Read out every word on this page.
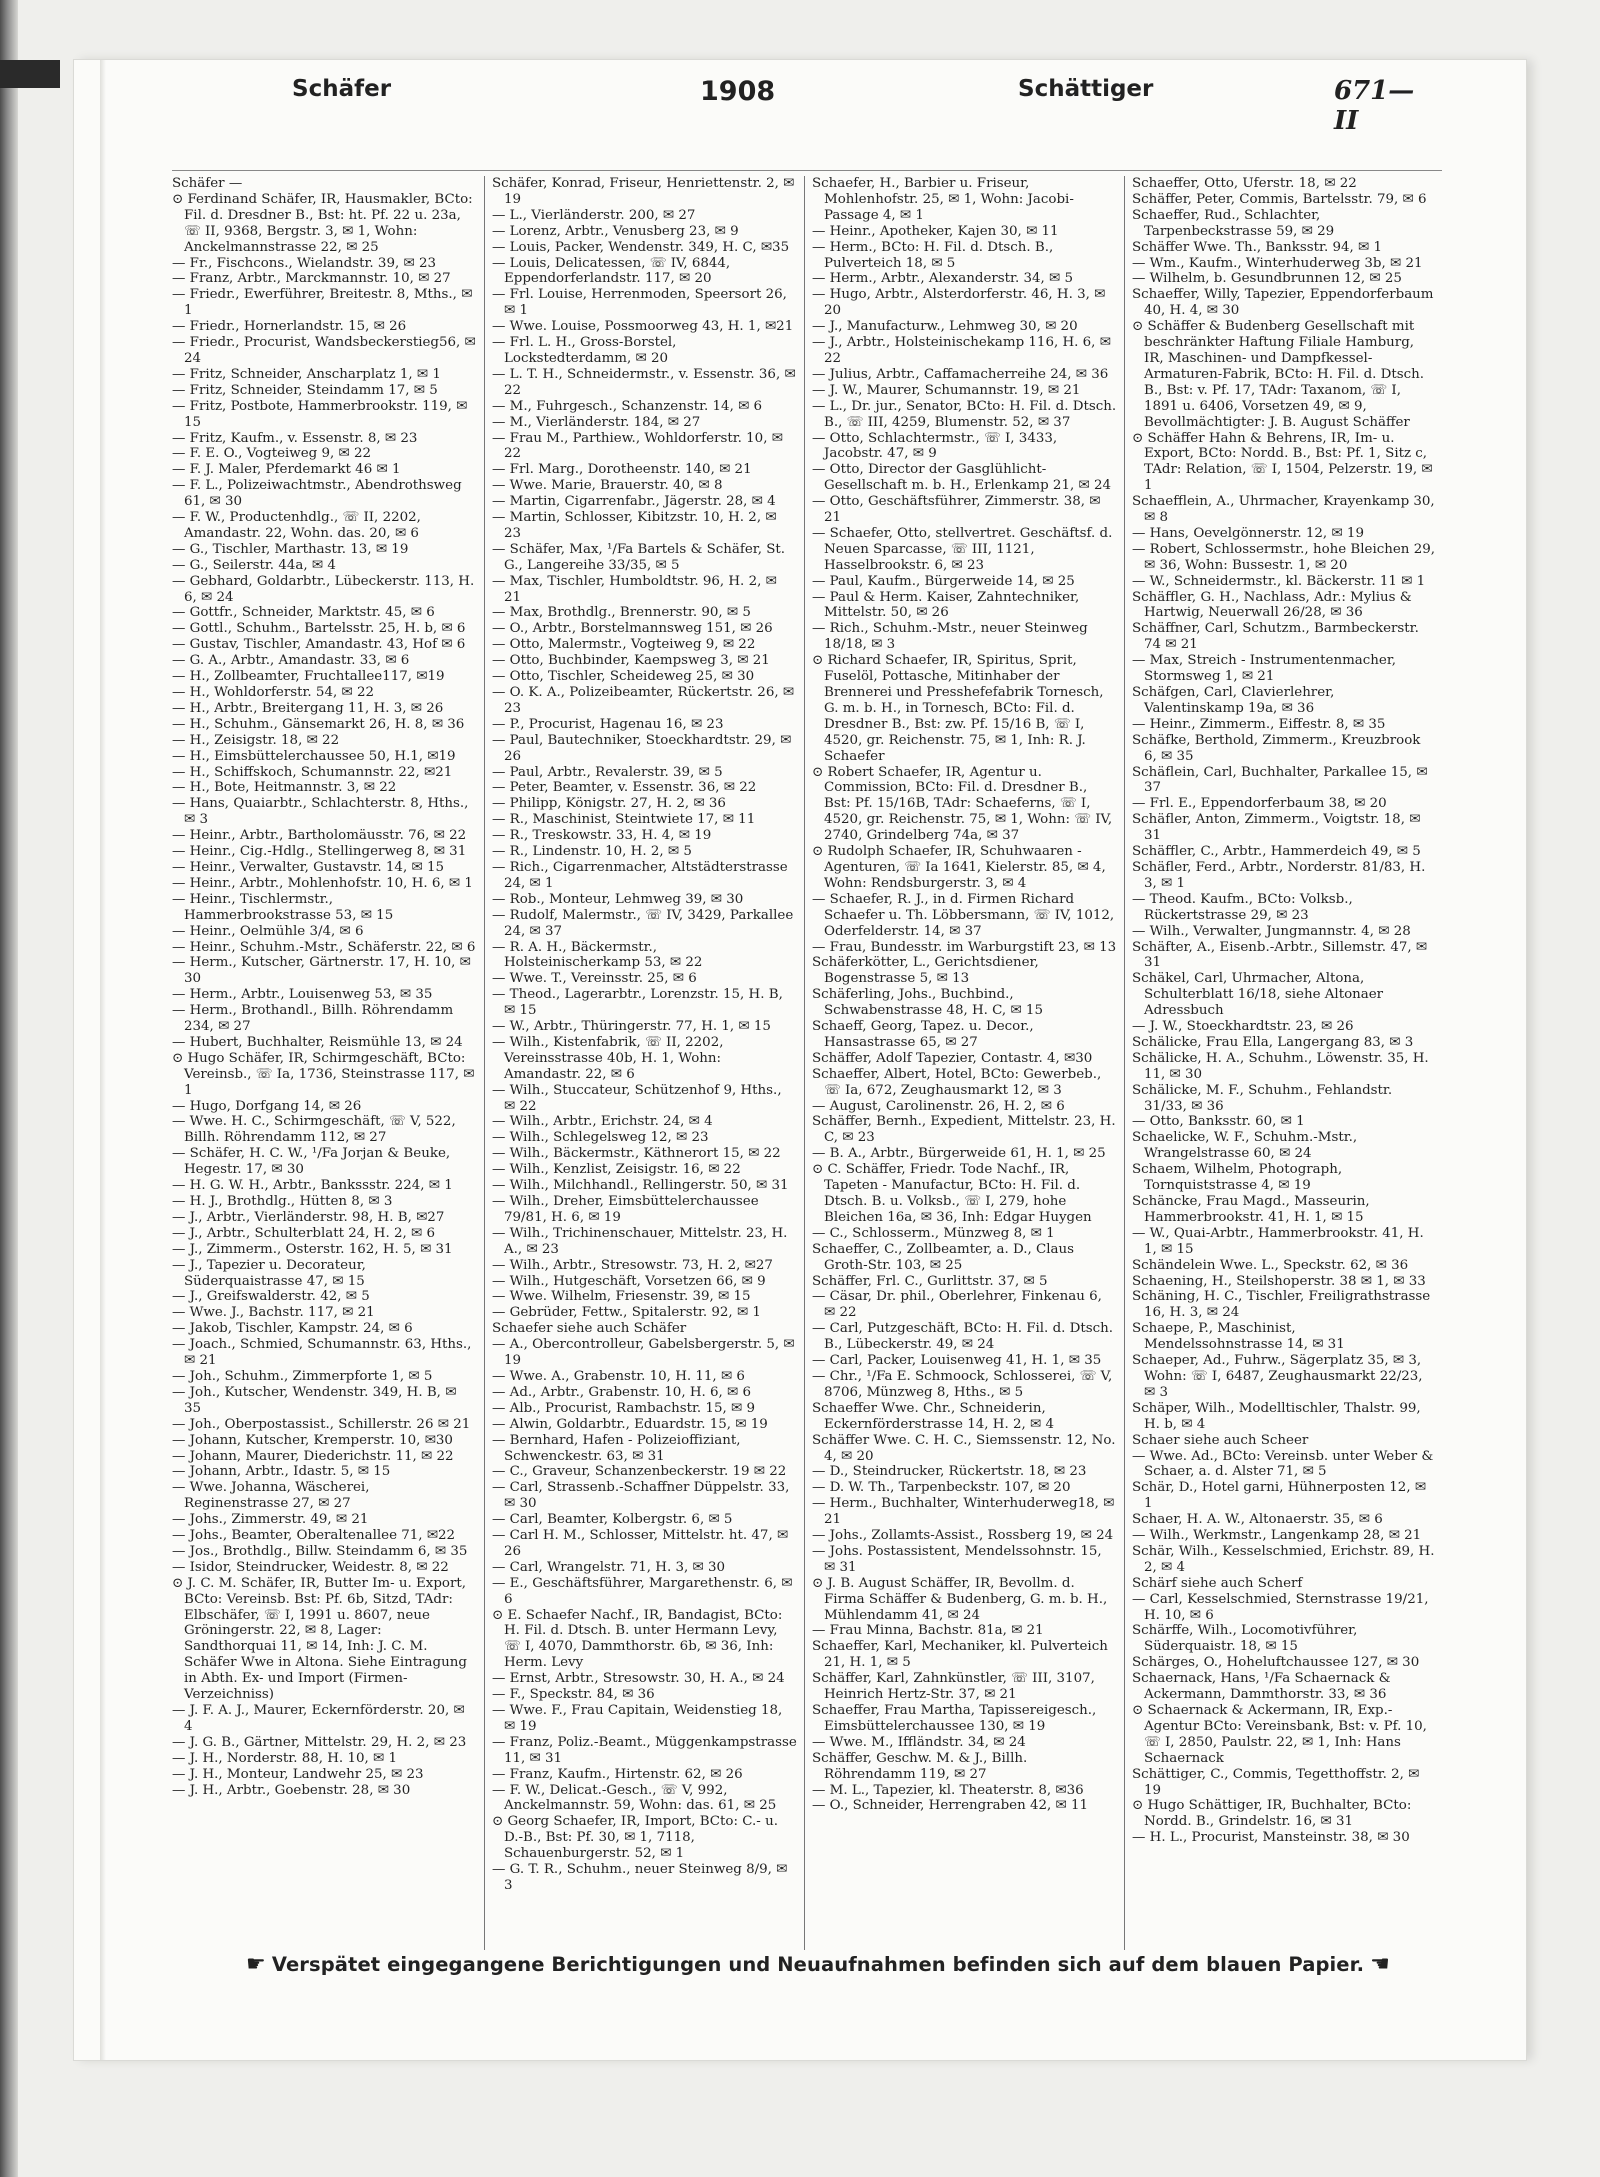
Schäfer	1908	Schättiger	671—II

Schäfer —

⊙ Ferdinand Schäfer, IR, Hausmakler, BCto: Fil. d. Dresdner B., Bst: ht. Pf. 22 u. 23a, ☏ II, 9368, Bergstr. 3, ✉ 1, Wohn: Anckelmannstrasse 22, ✉ 25

— Fr., Fischcons., Wielandstr. 39, ✉ 23

— Franz, Arbtr., Marckmannstr. 10, ✉ 27

— Friedr., Ewerführer, Breitestr. 8, Mths., ✉ 1

— Friedr., Hornerlandstr. 15, ✉ 26

— Friedr., Procurist, Wandsbeckerstieg56, ✉ 24

— Fritz, Schneider, Anscharplatz 1, ✉ 1

— Fritz, Schneider, Steindamm 17, ✉ 5

— Fritz, Postbote, Hammerbrookstr. 119, ✉ 15

— Fritz, Kaufm., v. Essenstr. 8, ✉ 23

— F. E. O., Vogteiweg 9, ✉ 22

— F. J. Maler, Pferdemarkt 46 ✉ 1

— F. L., Polizeiwachtmstr., Abendrothsweg 61, ✉ 30

— F. W., Productenhdlg., ☏ II, 2202, Amandastr. 22, Wohn. das. 20, ✉ 6

— G., Tischler, Marthastr. 13, ✉ 19

— G., Seilerstr. 44a, ✉ 4

— Gebhard, Goldarbtr., Lübeckerstr. 113, H. 6, ✉ 24

— Gottfr., Schneider, Marktstr. 45, ✉ 6

— Gottl., Schuhm., Bartelsstr. 25, H. b, ✉ 6

— Gustav, Tischler, Amandastr. 43, Hof ✉ 6

— G. A., Arbtr., Amandastr. 33, ✉ 6

— H., Zollbeamter, Fruchtallee117, ✉19

— H., Wohldorferstr. 54, ✉ 22

— H., Arbtr., Breitergang 11, H. 3, ✉ 26

— H., Schuhm., Gänsemarkt 26, H. 8, ✉ 36

— H., Zeisigstr. 18, ✉ 22

— H., Eimsbüttelerchaussee 50, H.1, ✉19

— H., Schiffskoch, Schumannstr. 22, ✉21

— H., Bote, Heitmannstr. 3, ✉ 22

— Hans, Quaiarbtr., Schlachterstr. 8, Hths., ✉ 3

— Heinr., Arbtr., Bartholomäusstr. 76, ✉ 22

— Heinr., Cig.-Hdlg., Stellingerweg 8, ✉ 31

— Heinr., Verwalter, Gustavstr. 14, ✉ 15

— Heinr., Arbtr., Mohlenhofstr. 10, H. 6, ✉ 1

— Heinr., Tischlermstr., Hammerbrookstrasse 53, ✉ 15

— Heinr., Oelmühle 3/4, ✉ 6

— Heinr., Schuhm.-Mstr., Schäferstr. 22, ✉ 6

— Herm., Kutscher, Gärtnerstr. 17, H. 10, ✉ 30

— Herm., Arbtr., Louisenweg 53, ✉ 35

— Herm., Brothandl., Billh. Röhrendamm 234, ✉ 27

— Hubert, Buchhalter, Reismühle 13, ✉ 24

⊙ Hugo Schäfer, IR, Schirmgeschäft, BCto: Vereinsb., ☏ Ia, 1736, Steinstrasse 117, ✉ 1

— Hugo, Dorfgang 14, ✉ 26

— Wwe. H. C., Schirmgeschäft, ☏ V, 522, Billh. Röhrendamm 112, ✉ 27

— Schäfer, H. C. W., ¹/Fa Jorjan & Beuke, Hegestr. 17, ✉ 30

— H. G. W. H., Arbtr., Bankssstr. 224, ✉ 1

— H. J., Brothdlg., Hütten 8, ✉ 3

— J., Arbtr., Vierländerstr. 98, H. B, ✉27

— J., Arbtr., Schulterblatt 24, H. 2, ✉ 6

— J., Zimmerm., Osterstr. 162, H. 5, ✉ 31

— J., Tapezier u. Decorateur, Süderquaistrasse 47, ✉ 15

— J., Greifswalderstr. 42, ✉ 5

— Wwe. J., Bachstr. 117, ✉ 21

— Jakob, Tischler, Kampstr. 24, ✉ 6

— Joach., Schmied, Schumannstr. 63, Hths., ✉ 21

— Joh., Schuhm., Zimmerpforte 1, ✉ 5

— Joh., Kutscher, Wendenstr. 349, H. B, ✉ 35

— Joh., Oberpostassist., Schillerstr. 26 ✉ 21

— Johann, Kutscher, Kremperstr. 10, ✉30

— Johann, Maurer, Diederichstr. 11, ✉ 22

— Johann, Arbtr., Idastr. 5, ✉ 15

— Wwe. Johanna, Wäscherei, Reginenstrasse 27, ✉ 27

— Johs., Zimmerstr. 49, ✉ 21

— Johs., Beamter, Oberaltenallee 71, ✉22

— Jos., Brothdlg., Billw. Steindamm 6, ✉ 35

— Isidor, Steindrucker, Weidestr. 8, ✉ 22

⊙ J. C. M. Schäfer, IR, Butter Im- u. Export, BCto: Vereinsb. Bst: Pf. 6b, Sitzd, TAdr: Elbschäfer, ☏ I, 1991 u. 8607, neue Gröningerstr. 22, ✉ 8, Lager: Sandthorquai 11, ✉ 14, Inh: J. C. M. Schäfer Wwe in Altona. Siehe Eintragung in Abth. Ex- und Import (Firmen-Verzeichniss)

— J. F. A. J., Maurer, Eckernförderstr. 20, ✉ 4

— J. G. B., Gärtner, Mittelstr. 29, H. 2, ✉ 23

— J. H., Norderstr. 88, H. 10, ✉ 1

— J. H., Monteur, Landwehr 25, ✉ 23

— J. H., Arbtr., Goebenstr. 28, ✉ 30

Schäfer, Konrad, Friseur, Henriettenstr. 2, ✉ 19

— L., Vierländerstr. 200, ✉ 27

— Lorenz, Arbtr., Venusberg 23, ✉ 9

— Louis, Packer, Wendenstr. 349, H. C, ✉35

— Louis, Delicatessen, ☏ IV, 6844, Eppendorferlandstr. 117, ✉ 20

— Frl. Louise, Herrenmoden, Speersort 26, ✉ 1

— Wwe. Louise, Possmoorweg 43, H. 1, ✉21

— Frl. L. H., Gross-Borstel, Lockstedterdamm, ✉ 20

— L. T. H., Schneidermstr., v. Essenstr. 36, ✉ 22

— M., Fuhrgesch., Schanzenstr. 14, ✉ 6

— M., Vierländerstr. 184, ✉ 27

— Frau M., Parthiew., Wohldorferstr. 10, ✉ 22

— Frl. Marg., Dorotheenstr. 140, ✉ 21

— Wwe. Marie, Brauerstr. 40, ✉ 8

— Martin, Cigarrenfabr., Jägerstr. 28, ✉ 4

— Martin, Schlosser, Kibitzstr. 10, H. 2, ✉ 23

— Schäfer, Max, ¹/Fa Bartels & Schäfer, St. G., Langereihe 33/35, ✉ 5

— Max, Tischler, Humboldtstr. 96, H. 2, ✉ 21

— Max, Brothdlg., Brennerstr. 90, ✉ 5

— O., Arbtr., Borstelmannsweg 151, ✉ 26

— Otto, Malermstr., Vogteiweg 9, ✉ 22

— Otto, Buchbinder, Kaempsweg 3, ✉ 21

— Otto, Tischler, Scheideweg 25, ✉ 30

— O. K. A., Polizeibeamter, Rückertstr. 26, ✉ 23

— P., Procurist, Hagenau 16, ✉ 23

— Paul, Bautechniker, Stoeckhardtstr. 29, ✉ 26

— Paul, Arbtr., Revalerstr. 39, ✉ 5

— Peter, Beamter, v. Essenstr. 36, ✉ 22

— Philipp, Königstr. 27, H. 2, ✉ 36

— R., Maschinist, Steintwiete 17, ✉ 11

— R., Treskowstr. 33, H. 4, ✉ 19

— R., Lindenstr. 10, H. 2, ✉ 5

— Rich., Cigarrenmacher, Altstädterstrasse 24, ✉ 1

— Rob., Monteur, Lehmweg 39, ✉ 30

— Rudolf, Malermstr., ☏ IV, 3429, Parkallee 24, ✉ 37

— R. A. H., Bäckermstr., Holsteinischerkamp 53, ✉ 22

— Wwe. T., Vereinsstr. 25, ✉ 6

— Theod., Lagerarbtr., Lorenzstr. 15, H. B, ✉ 15

— W., Arbtr., Thüringerstr. 77, H. 1, ✉ 15

— Wilh., Kistenfabrik, ☏ II, 2202, Vereinsstrasse 40b, H. 1, Wohn: Amandastr. 22, ✉ 6

— Wilh., Stuccateur, Schützenhof 9, Hths., ✉ 22

— Wilh., Arbtr., Erichstr. 24, ✉ 4

— Wilh., Schlegelsweg 12, ✉ 23

— Wilh., Bäckermstr., Käthnerort 15, ✉ 22

— Wilh., Kenzlist, Zeisigstr. 16, ✉ 22

— Wilh., Milchhandl., Rellingerstr. 50, ✉ 31

— Wilh., Dreher, Eimsbüttelerchaussee 79/81, H. 6, ✉ 19

— Wilh., Trichinenschauer, Mittelstr. 23, H. A., ✉ 23

— Wilh., Arbtr., Stresowstr. 73, H. 2, ✉27

— Wilh., Hutgeschäft, Vorsetzen 66, ✉ 9

— Wwe. Wilhelm, Friesenstr. 39, ✉ 15

— Gebrüder, Fettw., Spitalerstr. 92, ✉ 1

Schaefer siehe auch Schäfer

— A., Obercontrolleur, Gabelsbergerstr. 5, ✉ 19

— Wwe. A., Grabenstr. 10, H. 11, ✉ 6

— Ad., Arbtr., Grabenstr. 10, H. 6, ✉ 6

— Alb., Procurist, Rambachstr. 15, ✉ 9

— Alwin, Goldarbtr., Eduardstr. 15, ✉ 19

— Bernhard, Hafen - Polizeioffiziant, Schwenckestr. 63, ✉ 31

— C., Graveur, Schanzenbeckerstr. 19 ✉ 22

— Carl, Strassenb.-Schaffner Düppelstr. 33, ✉ 30

— Carl, Beamter, Kolbergstr. 6, ✉ 5

— Carl H. M., Schlosser, Mittelstr. ht. 47, ✉ 26

— Carl, Wrangelstr. 71, H. 3, ✉ 30

— E., Geschäftsführer, Margarethenstr. 6, ✉ 6

⊙ E. Schaefer Nachf., IR, Bandagist, BCto: H. Fil. d. Dtsch. B. unter Hermann Levy, ☏ I, 4070, Dammthorstr. 6b, ✉ 36, Inh: Herm. Levy

— Ernst, Arbtr., Stresowstr. 30, H. A., ✉ 24

— F., Speckstr. 84, ✉ 36

— Wwe. F., Frau Capitain, Weidenstieg 18, ✉ 19

— Franz, Poliz.-Beamt., Müggenkampstrasse 11, ✉ 31

— Franz, Kaufm., Hirtenstr. 62, ✉ 26

— F. W., Delicat.-Gesch., ☏ V, 992, Anckelmannstr. 59, Wohn: das. 61, ✉ 25

⊙ Georg Schaefer, IR, Import, BCto: C.- u. D.-B., Bst: Pf. 30, ✉ 1, 7118, Schauenburgerstr. 52, ✉ 1

— G. T. R., Schuhm., neuer Steinweg 8/9, ✉ 3

Schaefer, H., Barbier u. Friseur, Mohlenhofstr. 25, ✉ 1, Wohn: Jacobi-Passage 4, ✉ 1

— Heinr., Apotheker, Kajen 30, ✉ 11

— Herm., BCto: H. Fil. d. Dtsch. B., Pulverteich 18, ✉ 5

— Herm., Arbtr., Alexanderstr. 34, ✉ 5

— Hugo, Arbtr., Alsterdorferstr. 46, H. 3, ✉ 20

— J., Manufacturw., Lehmweg 30, ✉ 20

— J., Arbtr., Holsteinischekamp 116, H. 6, ✉ 22

— Julius, Arbtr., Caffamacherreihe 24, ✉ 36

— J. W., Maurer, Schumannstr. 19, ✉ 21

— L., Dr. jur., Senator, BCto: H. Fil. d. Dtsch. B., ☏ III, 4259, Blumenstr. 52, ✉ 37

— Otto, Schlachtermstr., ☏ I, 3433, Jacobstr. 47, ✉ 9

— Otto, Director der Gasglühlicht-Gesellschaft m. b. H., Erlenkamp 21, ✉ 24

— Otto, Geschäftsführer, Zimmerstr. 38, ✉ 21

— Schaefer, Otto, stellvertret. Geschäftsf. d. Neuen Sparcasse, ☏ III, 1121, Hasselbrookstr. 6, ✉ 23

— Paul, Kaufm., Bürgerweide 14, ✉ 25

— Paul & Herm. Kaiser, Zahntechniker, Mittelstr. 50, ✉ 26

— Rich., Schuhm.-Mstr., neuer Steinweg 18/18, ✉ 3

⊙ Richard Schaefer, IR, Spiritus, Sprit, Fuselöl, Pottasche, Mitinhaber der Brennerei und Presshefefabrik Tornesch, G. m. b. H., in Tornesch, BCto: Fil. d. Dresdner B., Bst: zw. Pf. 15/16 B, ☏ I, 4520, gr. Reichenstr. 75, ✉ 1, Inh: R. J. Schaefer

⊙ Robert Schaefer, IR, Agentur u. Commission, BCto: Fil. d. Dresdner B., Bst: Pf. 15/16B, TAdr: Schaeferns, ☏ I, 4520, gr. Reichenstr. 75, ✉ 1, Wohn: ☏ IV, 2740, Grindelberg 74a, ✉ 37

⊙ Rudolph Schaefer, IR, Schuhwaaren - Agenturen, ☏ Ia 1641, Kielerstr. 85, ✉ 4, Wohn: Rendsburgerstr. 3, ✉ 4

— Schaefer, R. J., in d. Firmen Richard Schaefer u. Th. Löbbersmann, ☏ IV, 1012, Oderfelderstr. 14, ✉ 37

— Frau, Bundesstr. im Warburgstift 23, ✉ 13

Schäferkötter, L., Gerichtsdiener, Bogenstrasse 5, ✉ 13

Schäferling, Johs., Buchbind., Schwabenstrasse 48, H. C, ✉ 15

Schaeff, Georg, Tapez. u. Decor., Hansastrasse 65, ✉ 27

Schäffer, Adolf Tapezier, Contastr. 4, ✉30

Schaeffer, Albert, Hotel, BCto: Gewerbeb., ☏ Ia, 672, Zeughausmarkt 12, ✉ 3

— August, Carolinenstr. 26, H. 2, ✉ 6

Schäffer, Bernh., Expedient, Mittelstr. 23, H. C, ✉ 23

— B. A., Arbtr., Bürgerweide 61, H. 1, ✉ 25

⊙ C. Schäffer, Friedr. Tode Nachf., IR, Tapeten - Manufactur, BCto: H. Fil. d. Dtsch. B. u. Volksb., ☏ I, 279, hohe Bleichen 16a, ✉ 36, Inh: Edgar Huygen

— C., Schlosserm., Münzweg 8, ✉ 1

Schaeffer, C., Zollbeamter, a. D., Claus Groth-Str. 103, ✉ 25

Schäffer, Frl. C., Gurlittstr. 37, ✉ 5

— Cäsar, Dr. phil., Oberlehrer, Finkenau 6, ✉ 22

— Carl, Putzgeschäft, BCto: H. Fil. d. Dtsch. B., Lübeckerstr. 49, ✉ 24

— Carl, Packer, Louisenweg 41, H. 1, ✉ 35

— Chr., ¹/Fa E. Schmoock, Schlosserei, ☏ V, 8706, Münzweg 8, Hths., ✉ 5

Schaeffer Wwe. Chr., Schneiderin, Eckernförderstrasse 14, H. 2, ✉ 4

Schäffer Wwe. C. H. C., Siemssenstr. 12, No. 4, ✉ 20

— D., Steindrucker, Rückertstr. 18, ✉ 23

— D. W. Th., Tarpenbeckstr. 107, ✉ 20

— Herm., Buchhalter, Winterhuderweg18, ✉ 21

— Johs., Zollamts-Assist., Rossberg 19, ✉ 24

— Johs. Postassistent, Mendelssohnstr. 15, ✉ 31

⊙ J. B. August Schäffer, IR, Bevollm. d. Firma Schäffer & Budenberg, G. m. b. H., Mühlendamm 41, ✉ 24

— Frau Minna, Bachstr. 81a, ✉ 21

Schaeffer, Karl, Mechaniker, kl. Pulverteich 21, H. 1, ✉ 5

Schäffer, Karl, Zahnkünstler, ☏ III, 3107, Heinrich Hertz-Str. 37, ✉ 21

Schaeffer, Frau Martha, Tapissereigesch., Eimsbüttelerchaussee 130, ✉ 19

— Wwe. M., Iffländstr. 34, ✉ 24

Schäffer, Geschw. M. & J., Billh. Röhrendamm 119, ✉ 27

— M. L., Tapezier, kl. Theaterstr. 8, ✉36

— O., Schneider, Herrengraben 42, ✉ 11

Schaeffer, Otto, Uferstr. 18, ✉ 22

Schäffer, Peter, Commis, Bartelsstr. 79, ✉ 6

Schaeffer, Rud., Schlachter, Tarpenbeckstrasse 59, ✉ 29

Schäffer Wwe. Th., Banksstr. 94, ✉ 1

— Wm., Kaufm., Winterhuderweg 3b, ✉ 21

— Wilhelm, b. Gesundbrunnen 12, ✉ 25

Schaeffer, Willy, Tapezier, Eppendorferbaum 40, H. 4, ✉ 30

⊙ Schäffer & Budenberg Gesellschaft mit beschränkter Haftung Filiale Hamburg, IR, Maschinen- und Dampfkessel-Armaturen-Fabrik, BCto: H. Fil. d. Dtsch. B., Bst: v. Pf. 17, TAdr: Taxanom, ☏ I, 1891 u. 6406, Vorsetzen 49, ✉ 9, Bevollmächtigter: J. B. August Schäffer

⊙ Schäffer Hahn & Behrens, IR, Im- u. Export, BCto: Nordd. B., Bst: Pf. 1, Sitz c, TAdr: Relation, ☏ I, 1504, Pelzerstr. 19, ✉ 1

Schaefflein, A., Uhrmacher, Krayenkamp 30, ✉ 8

— Hans, Oevelgönnerstr. 12, ✉ 19

— Robert, Schlossermstr., hohe Bleichen 29, ✉ 36, Wohn: Bussestr. 1, ✉ 20

— W., Schneidermstr., kl. Bäckerstr. 11 ✉ 1

Schäffler, G. H., Nachlass, Adr.: Mylius & Hartwig, Neuerwall 26/28, ✉ 36

Schäffner, Carl, Schutzm., Barmbeckerstr. 74 ✉ 21

— Max, Streich - Instrumentenmacher, Stormsweg 1, ✉ 21

Schäfgen, Carl, Clavierlehrer, Valentinskamp 19a, ✉ 36

— Heinr., Zimmerm., Eiffestr. 8, ✉ 35

Schäfke, Berthold, Zimmerm., Kreuzbrook 6, ✉ 35

Schäflein, Carl, Buchhalter, Parkallee 15, ✉ 37

— Frl. E., Eppendorferbaum 38, ✉ 20

Schäfler, Anton, Zimmerm., Voigtstr. 18, ✉ 31

Schäffler, C., Arbtr., Hammerdeich 49, ✉ 5

Schäfler, Ferd., Arbtr., Norderstr. 81/83, H. 3, ✉ 1

— Theod. Kaufm., BCto: Volksb., Rückertstrasse 29, ✉ 23

— Wilh., Verwalter, Jungmannstr. 4, ✉ 28

Schäfter, A., Eisenb.-Arbtr., Sillemstr. 47, ✉ 31

Schäkel, Carl, Uhrmacher, Altona, Schulterblatt 16/18, siehe Altonaer Adressbuch

— J. W., Stoeckhardtstr. 23, ✉ 26

Schälicke, Frau Ella, Langergang 83, ✉ 3

Schälicke, H. A., Schuhm., Löwenstr. 35, H. 11, ✉ 30

Schälicke, M. F., Schuhm., Fehlandstr. 31/33, ✉ 36

— Otto, Banksstr. 60, ✉ 1

Schaelicke, W. F., Schuhm.-Mstr., Wrangelstrasse 60, ✉ 24

Schaem, Wilhelm, Photograph, Tornquiststrasse 4, ✉ 19

Schäncke, Frau Magd., Masseurin, Hammerbrookstr. 41, H. 1, ✉ 15

— W., Quai-Arbtr., Hammerbrookstr. 41, H. 1, ✉ 15

Schändelein Wwe. L., Speckstr. 62, ✉ 36

Schaening, H., Steilshoperstr. 38 ✉ 1, ✉ 33

Schäning, H. C., Tischler, Freiligrathstrasse 16, H. 3, ✉ 24

Schaepe, P., Maschinist, Mendelssohnstrasse 14, ✉ 31

Schaeper, Ad., Fuhrw., Sägerplatz 35, ✉ 3, Wohn: ☏ I, 6487, Zeughausmarkt 22/23, ✉ 3

Schäper, Wilh., Modelltischler, Thalstr. 99, H. b, ✉ 4

Schaer siehe auch Scheer

— Wwe. Ad., BCto: Vereinsb. unter Weber & Schaer, a. d. Alster 71, ✉ 5

Schär, D., Hotel garni, Hühnerposten 12, ✉ 1

Schaer, H. A. W., Altonaerstr. 35, ✉ 6

— Wilh., Werkmstr., Langenkamp 28, ✉ 21

Schär, Wilh., Kesselschmied, Erichstr. 89, H. 2, ✉ 4

Schärf siehe auch Scherf

— Carl, Kesselschmied, Sternstrasse 19/21, H. 10, ✉ 6

Schärffe, Wilh., Locomotivführer, Süderquaistr. 18, ✉ 15

Schärges, O., Hoheluftchaussee 127, ✉ 30

Schaernack, Hans, ¹/Fa Schaernack & Ackermann, Dammthorstr. 33, ✉ 36

⊙ Schaernack & Ackermann, IR, Exp.-Agentur BCto: Vereinsbank, Bst: v. Pf. 10, ☏ I, 2850, Paulstr. 22, ✉ 1, Inh: Hans Schaernack

Schättiger, C., Commis, Tegetthoffstr. 2, ✉ 19

⊙ Hugo Schättiger, IR, Buchhalter, BCto: Nordd. B., Grindelstr. 16, ✉ 31

— H. L., Procurist, Mansteinstr. 38, ✉ 30

☛ Verspätet eingegangene Berichtigungen und Neuaufnahmen befinden sich auf dem blauen Papier. ☚
